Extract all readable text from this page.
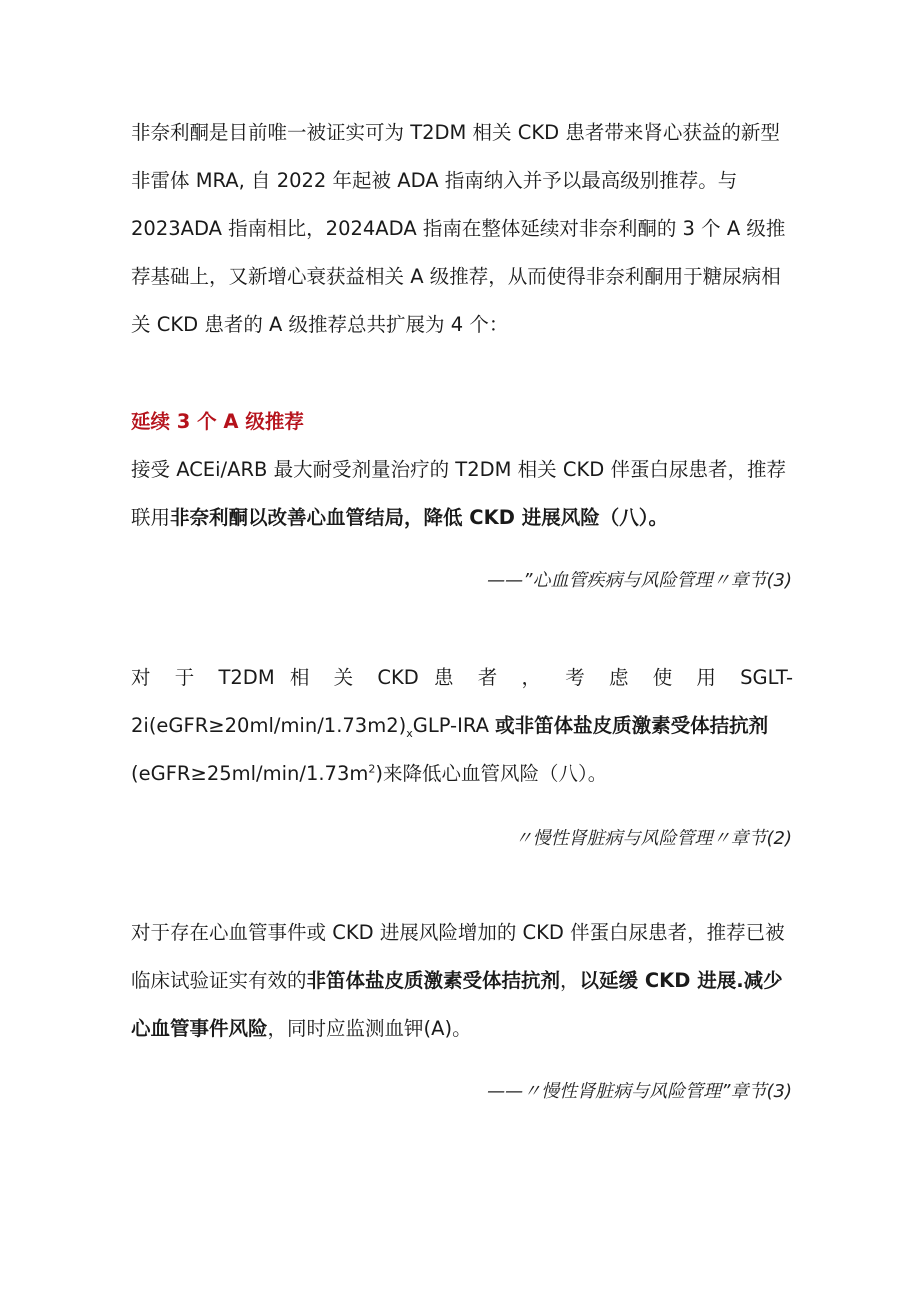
非奈利酮是目前唯一被证实可为 T2DM 相关 CKD 患者带来肾心获益的新型
非雷体 MRA, 自 2022 年起被 ADA 指南纳入并予以最高级别推荐。与
2023ADA 指南相比，2024ADA 指南在整体延续对非奈利酮的 3 个 A 级推
荐基础上，又新增心衰获益相关 A 级推荐，从而使得非奈利酮用于糖尿病相
关 CKD 患者的 A 级推荐总共扩展为 4 个：
延续 3 个 A 级推荐
接受 ACEi/ARB 最大耐受剂量治疗的 T2DM 相关 CKD 伴蛋白尿患者，推荐
联用非奈利酮以改善心血管结局，降低 CKD 进展风险（八）。
——”心血管疾病与风险管理〃章节(3)
对 于 T2DM 相 关 CKD 患 者 ， 考 虑 使 用 SGLT-
$2i(eGFR\ge 20ml/\min/1.73m2)_xGLP$-IRA 或非笛体盐皮质激素受体拮抗剂
$(eGFR\ge 25ml/\min/1.73m^2)$来降低心血管风险（八）。
〃慢性肾脏病与风险管理〃章节(2)
对于存在心血管事件或 CKD 进展风险增加的 CKD 伴蛋白尿患者，推荐已被
临床试验证实有效的非笛体盐皮质激素受体拮抗剂，以延缓 CKD 进展.减少
心血管事件风险，同时应监测血钾(A)。
——〃慢性肾脏病与风险管理”章节(3)
